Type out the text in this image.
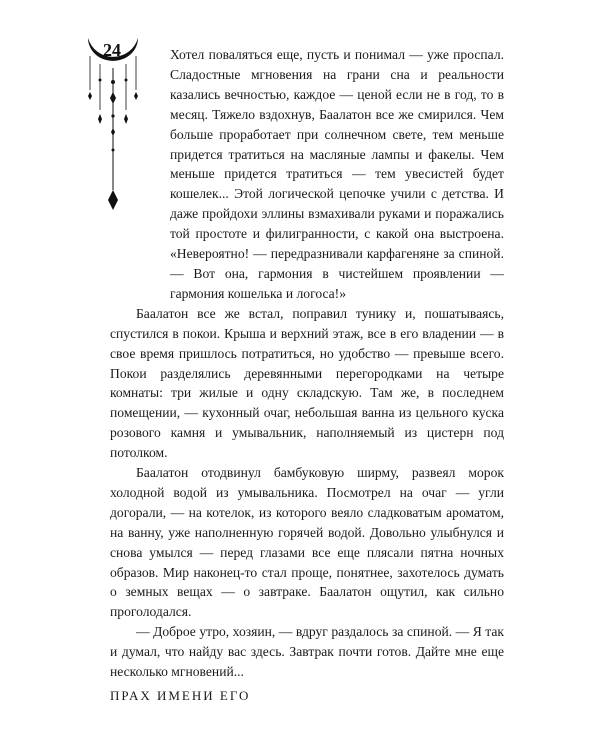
24	Хотел поваляться еще, пусть и понимал — уже проспал. Сладостные мгновения на грани сна и реальности казались вечностью, каждое — ценой если не в год, то в месяц. Тяжело вздохнув, Баалатон все же смирился. Чем больше проработает при солнечном свете, тем меньше придется тратиться на масляные лампы и факелы. Чем меньше придется тратиться — тем увесистей будет кошелек... Этой логической цепочке учили с детства. И даже пройдохи эллины взмахивали руками и поражались той простоте и филигранности, с какой она выстроена. «Невероятно! — передразнивали карфагеняне за спиной. — Вот она, гармония в чистейшем проявлении — гармония кошелька и логоса!»

Баалатон все же встал, поправил тунику и, пошатываясь, спустился в покои. Крыша и верхний этаж, все в его владении — в свое время пришлось потратиться, но удобство — превыше всего. Покои разделялись деревянными перегородками на четыре комнаты: три жилые и одну складскую. Там же, в последнем помещении, — кухонный очаг, небольшая ванна из цельного куска розового камня и умывальник, наполняемый из цистерн под потолком.

Баалатон отодвинул бамбуковую ширму, развеял морок холодной водой из умывальника. Посмотрел на очаг — угли догорали, — на котелок, из которого веяло сладковатым ароматом, на ванну, уже наполненную горячей водой. Довольно улыбнулся и снова умылся — перед глазами все еще плясали пятна ночных образов. Мир наконец-то стал проще, понятнее, захотелось думать о земных вещах — о завтраке. Баалатон ощутил, как сильно проголодался.

— Доброе утро, хозяин, — вдруг раздалось за спиной. — Я так и думал, что найду вас здесь. Завтрак почти готов. Дайте мне еще несколько мгновений...

ПРАХ ИМЕНИ ЕГО
